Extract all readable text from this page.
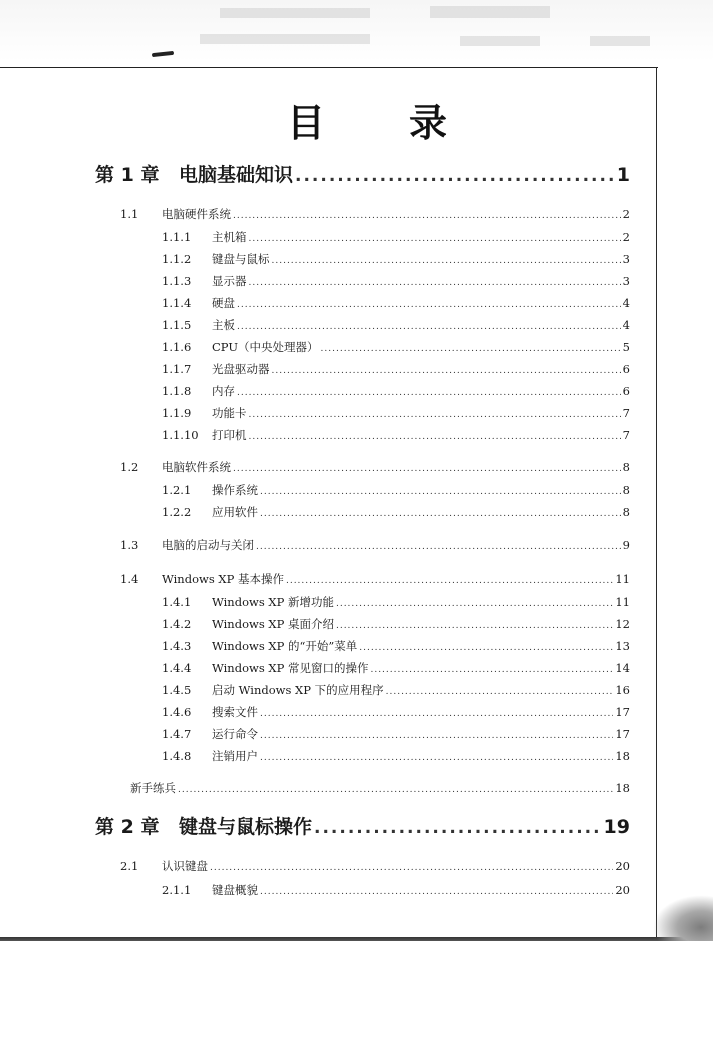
目 录
第 1 章	电脑基础知识 .....	1
1.1	电脑硬件系统 .....	2
1.1.1	主机箱 .....	2
1.1.2	键盘与鼠标 .....	3
1.1.3	显示器 .....	3
1.1.4	硬盘 .....	4
1.1.5	主板 .....	4
1.1.6	CPU（中央处理器） .....	5
1.1.7	光盘驱动器 .....	6
1.1.8	内存 .....	6
1.1.9	功能卡 .....	7
1.1.10	打印机 .....	7
1.2	电脑软件系统 .....	8
1.2.1	操作系统 .....	8
1.2.2	应用软件 .....	8
1.3	电脑的启动与关闭 .....	9
1.4	Windows XP 基本操作 .....	11
1.4.1	Windows XP 新增功能 .....	11
1.4.2	Windows XP 桌面介绍 .....	12
1.4.3	Windows XP 的“开始”菜单 .....	13
1.4.4	Windows XP 常见窗口的操作 .....	14
1.4.5	启动 Windows XP 下的应用程序 .....	16
1.4.6	搜索文件 .....	17
1.4.7	运行命令 .....	17
1.4.8	注销用户 .....	18
新手练兵 .....	18
第 2 章	键盘与鼠标操作 .....	19
2.1	认识键盘 .....	20
2.1.1	键盘概貌 .....	20
